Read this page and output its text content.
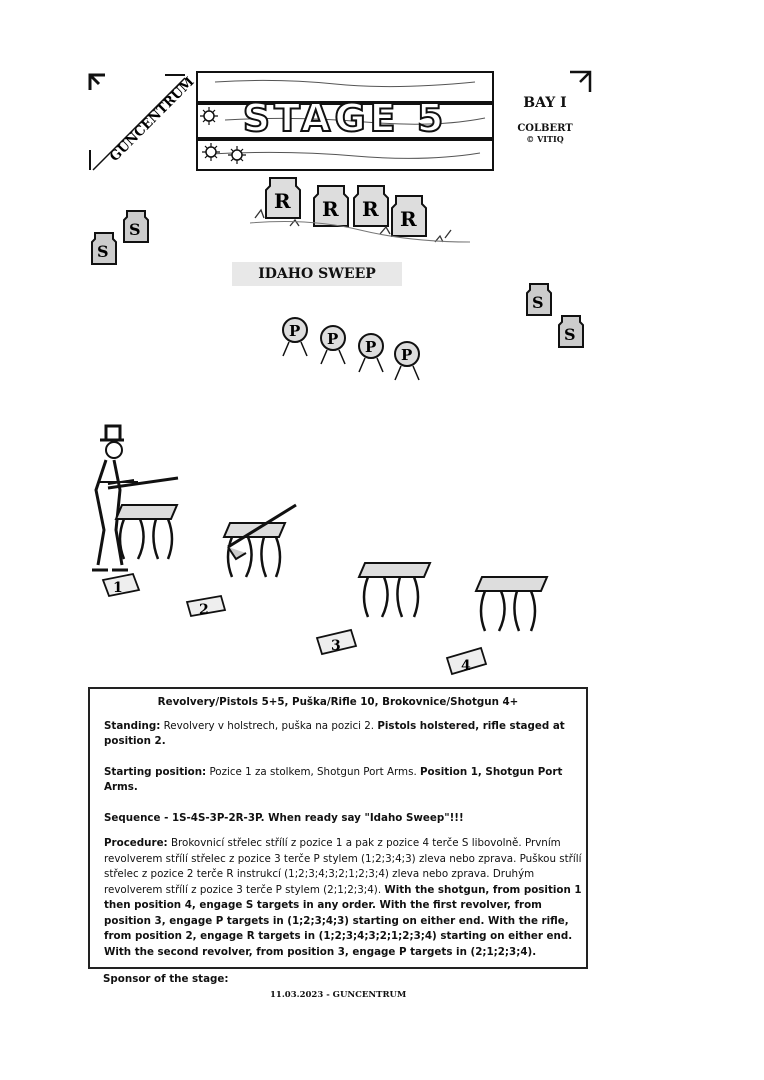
GUNCENTRUM	STAGE 5	BAY I
COLBERT
© VITIQ
R R R R
S
S
S
S
IDAHO SWEEP
P P P P
1
2
3
4

Revolvery/Pistols 5+5, Puška/Rifle 10, Brokovnice/Shotgun 4+

Standing: Revolvery v holstrech, puška na pozici 2. Pistols holstered, rifle staged at position 2.

Starting position: Pozice 1 za stolkem, Shotgun Port Arms. Position 1, Shotgun Port Arms.

Sequence - 1S-4S-3P-2R-3P. When ready say "Idaho Sweep"!!!

Procedure: Brokovnicí střelec střílí z pozice 1 a pak z pozice 4 terče S libovolně. Prvním revolverem střílí střelec z pozice 3 terče P stylem (1;2;3;4;3) zleva nebo zprava. Puškou střílí střelec z pozice 2 terče R instrukcí (1;2;3;4;3;2;1;2;3;4) zleva nebo zprava. Druhým revolverem střílí z pozice 3 terče P stylem (2;1;2;3;4). With the shotgun, from position 1 then position 4, engage S targets in any order. With the first revolver, from position 3, engage P targets in (1;2;3;4;3) starting on either end. With the rifle, from position 2, engage R targets in (1;2;3;4;3;2;1;2;3;4) starting on either end. With the second revolver, from position 3, engage P targets in (2;1;2;3;4).

Sponsor of the stage:
11.03.2023 - GUNCENTRUM
